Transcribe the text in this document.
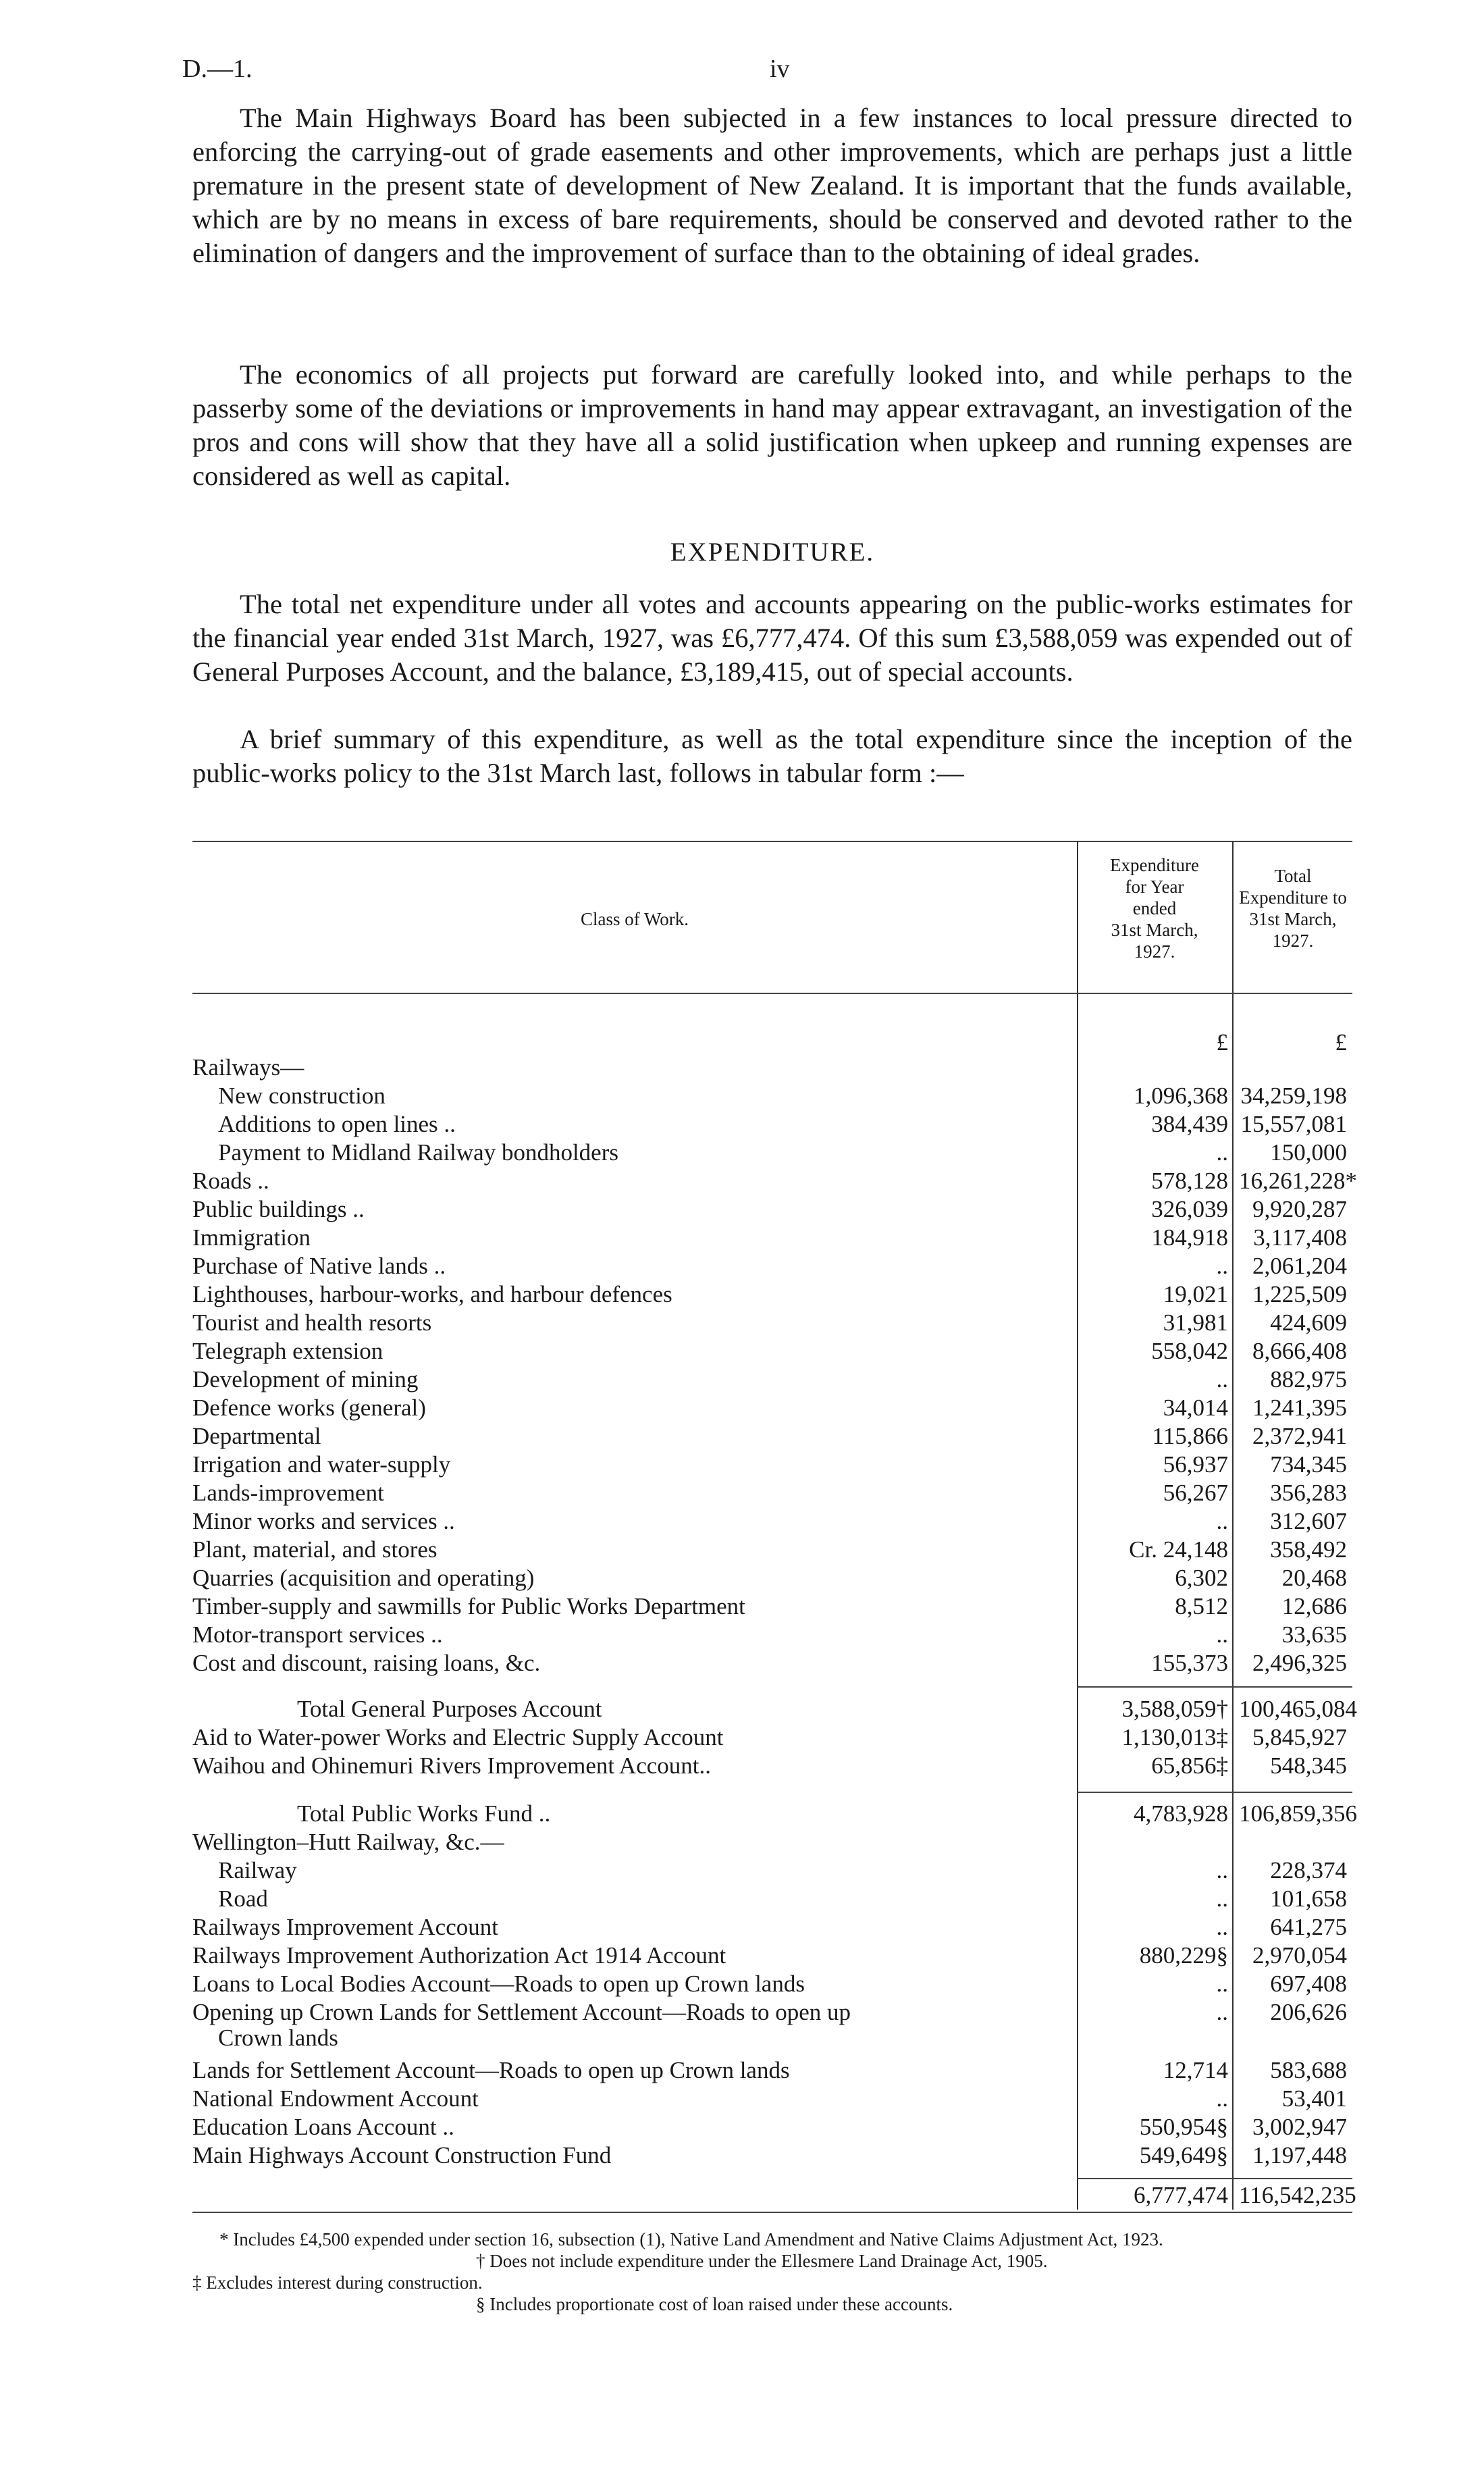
D.—1.	iv

The Main Highways Board has been subjected in a few instances to local pressure directed to enforcing the carrying-out of grade easements and other improvements, which are perhaps just a little premature in the present state of development of New Zealand. It is important that the funds available, which are by no means in excess of bare requirements, should be conserved and devoted rather to the elimination of dangers and the improvement of surface than to the obtaining of ideal grades.

The economics of all projects put forward are carefully looked into, and while perhaps to the passerby some of the deviations or improvements in hand may appear extravagant, an investigation of the pros and cons will show that they have all a solid justification when upkeep and running expenses are considered as well as capital.

EXPENDITURE.

The total net expenditure under all votes and accounts appearing on the public-works estimates for the financial year ended 31st March, 1927, was £6,777,474. Of this sum £3,588,059 was expended out of General Purposes Account, and the balance, £3,189,415, out of special accounts.

A brief summary of this expenditure, as well as the total expenditure since the inception of the public-works policy to the 31st March last, follows in tabular form :—

Class of Work.
Expenditure
for Year
ended
31st March,
1927.
Total
Expenditure to
31st March,
1927.
£	£
Railways—
New construction	1,096,368 34,259,198
Additions to open lines ..	384,439 15,557,081
Payment to Midland Railway bondholders	..	150,000
Roads ..	578,128 16,261,228*
Public buildings ..	326,039	9,920,287
Immigration	184,918	3,117,408
Purchase of Native lands ..	..	2,061,204
Lighthouses, harbour-works, and harbour defences	19,021	1,225,509
Tourist and health resorts	31,981	424,609
Telegraph extension	558,042	8,666,408
Development of mining	..	882,975
Defence works (general)	34,014	1,241,395
Departmental	115,866	2,372,941
Irrigation and water-supply	56,937	734,345
Lands-improvement	56,267	356,283
Minor works and services ..	..	312,607
Plant, material, and stores	Cr. 24,148	358,492
Quarries (acquisition and operating)	6,302	20,468
Timber-supply and sawmills for Public Works Department	8,512	12,686
Motor-transport services ..	..	33,635
Cost and discount, raising loans, &c.	155,373	2,496,325
Total General Purposes Account	3,588,059† 100,465,084
Aid to Water-power Works and Electric Supply Account	1,130,013‡	5,845,927
Waihou and Ohinemuri Rivers Improvement Account..	65,856‡	548,345
Total Public Works Fund ..	4,783,928 106,859,356
Wellington–Hutt Railway, &c.—
Railway	..	228,374
Road	..	101,658
Railways Improvement Account	..	641,275
Railways Improvement Authorization Act 1914 Account	880,229§	2,970,054
Loans to Local Bodies Account—Roads to open up Crown lands	..	697,408
Opening up Crown Lands for Settlement Account—Roads to open up	..	206,626
Crown lands
Lands for Settlement Account—Roads to open up Crown lands	12,714	583,688
National Endowment Account	..	53,401
Education Loans Account ..	550,954§	3,002,947
Main Highways Account Construction Fund	549,649§	1,197,448
6,777,474 116,542,235
* Includes £4,500 expended under section 16, subsection (1), Native Land Amendment and Native Claims Adjustment Act, 1923.
† Does not include expenditure under the Ellesmere Land Drainage Act, 1905.
‡ Excludes interest during construction.
§ Includes proportionate cost of loan raised under these accounts.
